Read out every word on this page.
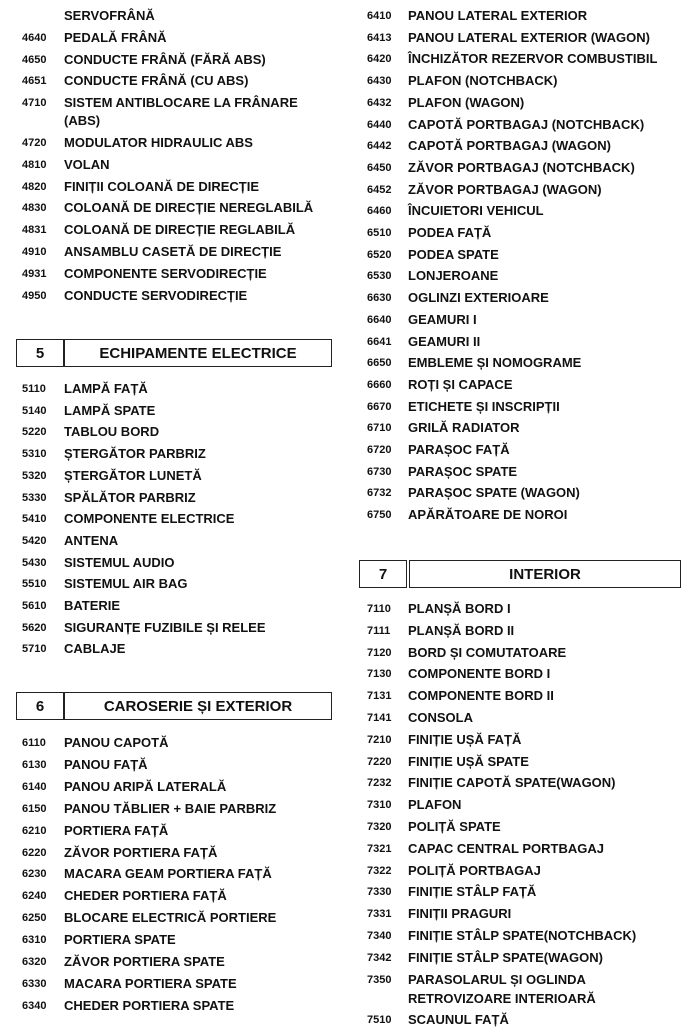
SERVOFRÂNĂ
4640 PEDALĂ FRÂNĂ
4650 CONDUCTE FRÂNĂ (FĂRĂ ABS)
4651 CONDUCTE FRÂNĂ (CU ABS)
4710 SISTEM ANTIBLOCARE LA FRÂNARE
(ABS)
4720 MODULATOR HIDRAULIC ABS
4810 VOLAN
4820 FINIȚII COLOANĂ DE DIRECȚIE
4830 COLOANĂ DE DIRECȚIE NEREGLABILĂ
4831 COLOANĂ DE DIRECȚIE REGLABILĂ
4910 ANSAMBLU CASETĂ DE DIRECȚIE
4931 COMPONENTE SERVODIRECȚIE
4950 CONDUCTE SERVODIRECȚIE
5	ECHIPAMENTE ELECTRICE
5110 LAMPĂ FAȚĂ
5140 LAMPĂ SPATE
5220 TABLOU BORD
5310 ȘTERGĂTOR PARBRIZ
5320 ȘTERGĂTOR LUNETĂ
5330 SPĂLĂTOR PARBRIZ
5410 COMPONENTE ELECTRICE
5420 ANTENA
5430 SISTEMUL AUDIO
5510 SISTEMUL AIR BAG
5610 BATERIE
5620 SIGURANȚE FUZIBILE ȘI RELEE
5710 CABLAJE
6	CAROSERIE ȘI EXTERIOR
6110 PANOU CAPOTĂ
6130 PANOU FAȚĂ
6140 PANOU ARIPĂ LATERALĂ
6150 PANOU TĂBLIER + BAIE PARBRIZ
6210 PORTIERA FAȚĂ
6220 ZĂVOR PORTIERA FAȚĂ
6230 MACARA GEAM PORTIERA FAȚĂ
6240 CHEDER PORTIERA FAȚĂ
6250 BLOCARE ELECTRICĂ PORTIERE
6310 PORTIERA SPATE
6320 ZĂVOR PORTIERA SPATE
6330 MACARA PORTIERA SPATE
6340 CHEDER PORTIERA SPATE
6410 PANOU LATERAL EXTERIOR
6413 PANOU LATERAL EXTERIOR (WAGON)
6420 ÎNCHIZĂTOR REZERVOR COMBUSTIBIL
6430 PLAFON (NOTCHBACK)
6432 PLAFON (WAGON)
6440 CAPOTĂ PORTBAGAJ (NOTCHBACK)
6442 CAPOTĂ PORTBAGAJ (WAGON)
6450 ZĂVOR PORTBAGAJ (NOTCHBACK)
6452 ZĂVOR PORTBAGAJ (WAGON)
6460 ÎNCUIETORI VEHICUL
6510 PODEA FAȚĂ
6520 PODEA SPATE
6530 LONJEROANE
6630 OGLINZI EXTERIOARE
6640 GEAMURI I
6641 GEAMURI II
6650 EMBLEME ȘI NOMOGRAME
6660 ROȚI ȘI CAPACE
6670 ETICHETE ȘI INSCRIPȚII
6710 GRILĂ RADIATOR
6720 PARAȘOC FAȚĂ
6730 PARAȘOC SPATE
6732 PARAȘOC SPATE (WAGON)
6750 APĂRĂTOARE DE NOROI
7	INTERIOR
7110 PLANȘĂ BORD I
7111 PLANȘĂ BORD II
7120 BORD ȘI COMUTATOARE
7130 COMPONENTE BORD I
7131 COMPONENTE BORD II
7141 CONSOLA
7210 FINIȚIE UȘĂ FAȚĂ
7220 FINIȚIE UȘĂ SPATE
7232 FINIȚIE CAPOTĂ SPATE(WAGON)
7310 PLAFON
7320 POLIȚĂ SPATE
7321 CAPAC CENTRAL PORTBAGAJ
7322 POLIȚĂ PORTBAGAJ
7330 FINIȚIE STÂLP FAȚĂ
7331 FINIȚII PRAGURI
7340 FINIȚIE STÂLP SPATE(NOTCHBACK)
7342 FINIȚIE STÂLP SPATE(WAGON)
7350 PARASOLARUL ȘI OGLINDA
RETROVIZOARE INTERIOARĂ
7510 SCAUNUL FAȚĂ
